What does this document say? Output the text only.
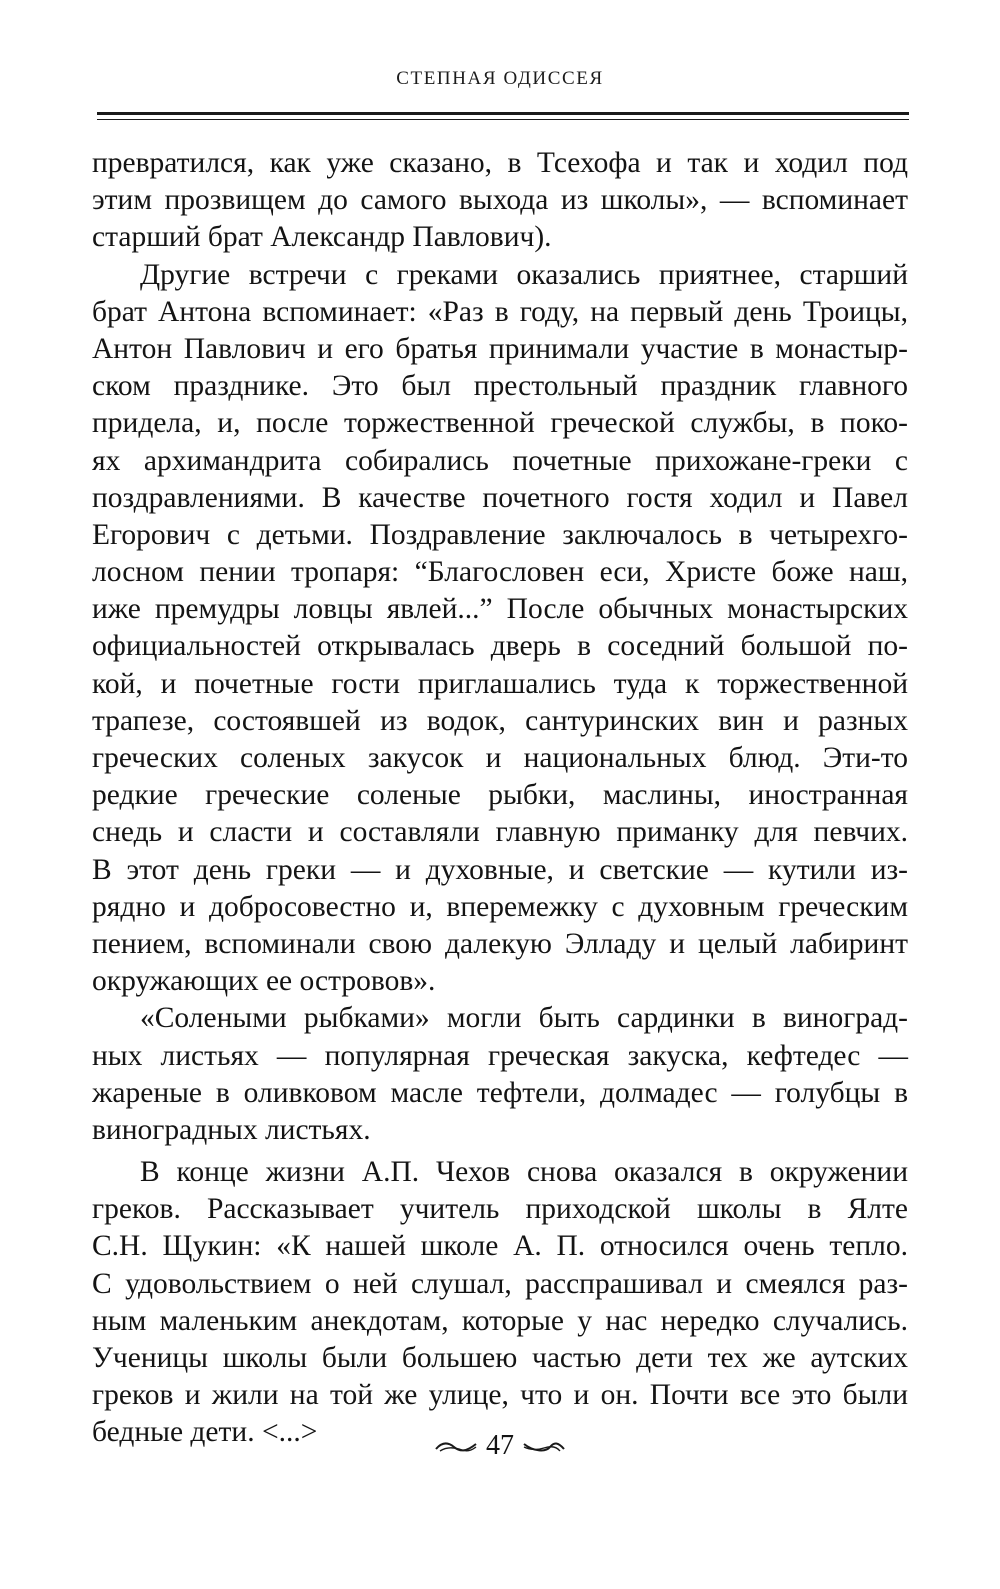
СТЕПНАЯ ОДИССЕЯ
превратился, как уже сказано, в Тсехофа и так и ходил под
этим прозвищем до самого выхода из школы», — вспоминает
старший брат Александр Павлович).
Другие встречи с греками оказались приятнее, старший
брат Антона вспоминает: «Раз в году, на первый день Троицы,
Антон Павлович и его братья принимали участие в монастыр-
ском празднике. Это был престольный праздник главного
придела, и, после торжественной греческой службы, в поко-
ях архимандрита собирались почетные прихожане-греки с
поздравлениями. В качестве почетного гостя ходил и Павел
Егорович с детьми. Поздравление заключалось в четырехго-
лосном пении тропаря: “Благословен еси, Христе боже наш,
иже премудры ловцы явлей...” После обычных монастырских
официальностей открывалась дверь в соседний большой по-
кой, и почетные гости приглашались туда к торжественной
трапезе, состоявшей из водок, сантуринских вин и разных
греческих соленых закусок и национальных блюд. Эти-то
редкие греческие соленые рыбки, маслины, иностранная
снедь и сласти и составляли главную приманку для певчих.
В этот день греки — и духовные, и светские — кутили из-
рядно и добросовестно и, вперемежку с духовным греческим
пением, вспоминали свою далекую Элладу и целый лабиринт
окружающих ее островов».
«Солеными рыбками» могли быть сардинки в виноград-
ных листьях — популярная греческая закуска, кефтедес —
жареные в оливковом масле тефтели, долмадес — голубцы в
виноградных листьях.
В конце жизни А.П. Чехов снова оказался в окружении
греков. Рассказывает учитель приходской школы в Ялте
С.Н. Щукин: «К нашей школе А. П. относился очень тепло.
С удовольствием о ней слушал, расспрашивал и смеялся раз-
ным маленьким анекдотам, которые у нас нередко случались.
Ученицы школы были большею частью дети тех же аутских
греков и жили на той же улице, что и он. Почти все это были
бедные дети. <...>	47
